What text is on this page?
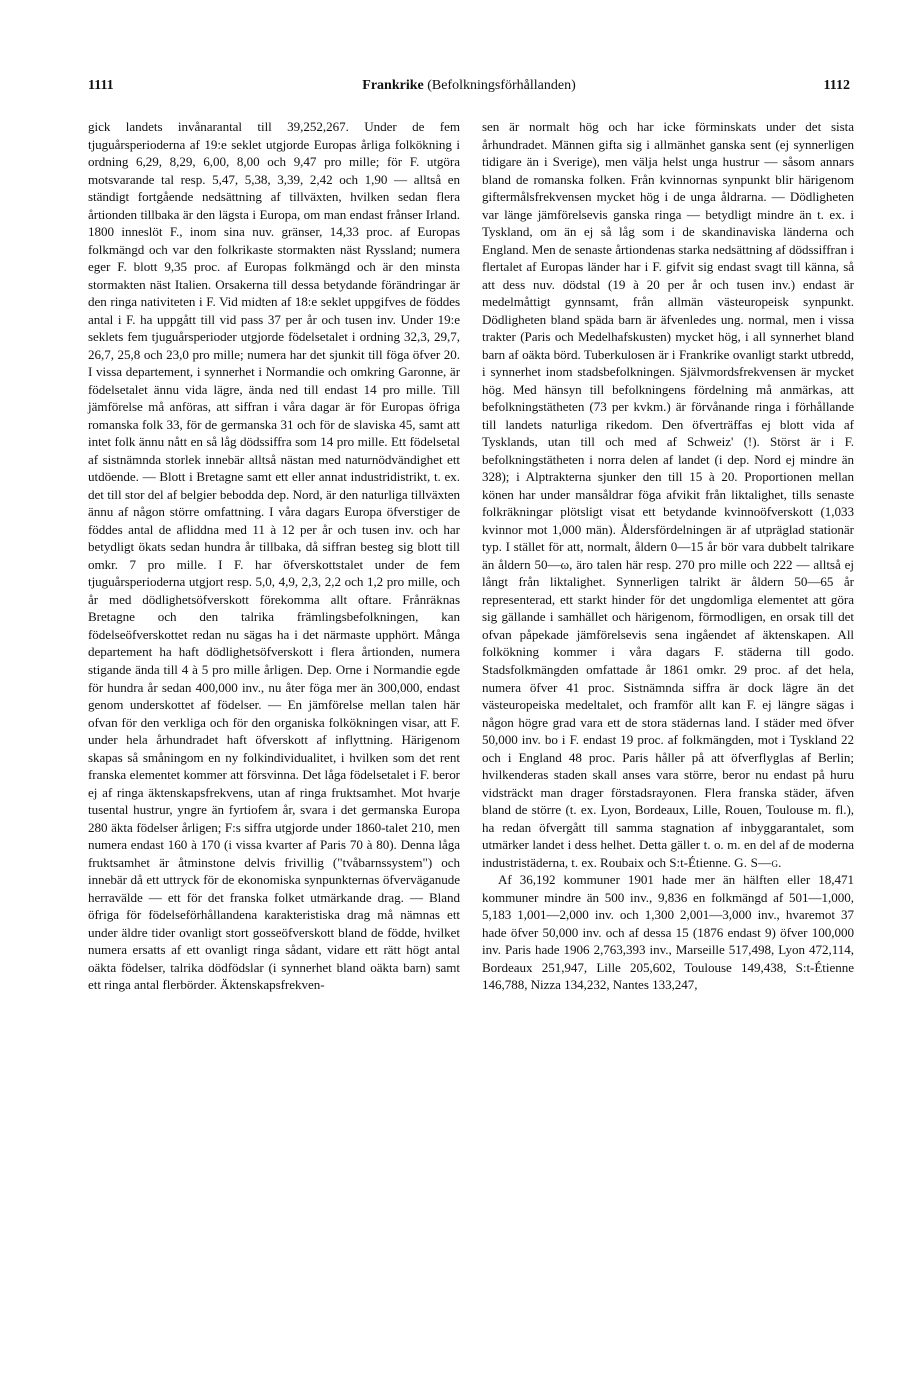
1111	Frankrike (Befolkningsförhållanden)	1112

gick landets invånarantal till 39,252,267. Under de fem tjuguårsperioderna af 19:e seklet utgjorde Europas årliga folkökning i ordning 6,29, 8,29, 6,00, 8,00 och 9,47 pro mille; för F. utgöra motsvarande tal resp. 5,47, 5,38, 3,39, 2,42 och 1,90 — alltså en ständigt fortgående nedsättning af tillväxten, hvilken sedan flera årtionden tillbaka är den lägsta i Europa, om man endast frånser Irland. 1800 inneslöt F., inom sina nuv. gränser, 14,33 proc. af Europas folkmängd och var den folkrikaste stormakten näst Ryssland; numera eger F. blott 9,35 proc. af Europas folkmängd och är den minsta stormakten näst Italien. Orsakerna till dessa betydande förändringar är den ringa nativiteten i F. Vid midten af 18:e seklet uppgifves de föddes antal i F. ha uppgått till vid pass 37 per år och tusen inv. Under 19:e seklets fem tjuguårsperioder utgjorde födelsetalet i ordning 32,3, 29,7, 26,7, 25,8 och 23,0 pro mille; numera har det sjunkit till föga öfver 20. I vissa departement, i synnerhet i Normandie och omkring Garonne, är födelsetalet ännu vida lägre, ända ned till endast 14 pro mille. Till jämförelse må anföras, att siffran i våra dagar är för Europas öfriga romanska folk 33, för de germanska 31 och för de slaviska 45, samt att intet folk ännu nått en så låg dödssiffra som 14 pro mille. Ett födelsetal af sistnämnda storlek innebär alltså nästan med naturnödvändighet ett utdöende. — Blott i Bretagne samt ett eller annat industridistrikt, t. ex. det till stor del af belgier bebodda dep. Nord, är den naturliga tillväxten ännu af någon större omfattning. I våra dagars Europa öfverstiger de föddes antal de afliddna med 11 à 12 per år och tusen inv. och har betydligt ökats sedan hundra år tillbaka, då siffran besteg sig blott till omkr. 7 pro mille. I F. har öfverskottstalet under de fem tjuguårsperioderna utgjort resp. 5,0, 4,9, 2,3, 2,2 och 1,2 pro mille, och år med dödlighetsöfverskott förekomma allt oftare. Frånräknas Bretagne och den talrika främlingsbefolkningen, kan födelseöfverskottet redan nu sägas ha i det närmaste upphört. Många departement ha haft dödlighetsöfverskott i flera årtionden, numera stigande ända till 4 à 5 pro mille årligen. Dep. Orne i Normandie egde för hundra år sedan 400,000 inv., nu åter föga mer än 300,000, endast genom underskottet af födelser. — En jämförelse mellan talen här ofvan för den verkliga och för den organiska folkökningen visar, att F. under hela århundradet haft öfverskott af inflyttning. Härigenom skapas så småningom en ny folkindividualitet, i hvilken som det rent franska elementet kommer att försvinna. Det låga födelsetalet i F. beror ej af ringa äktenskapsfrekvens, utan af ringa fruktsamhet. Mot hvarje tusental hustrur, yngre än fyrtiofem år, svara i det germanska Europa 280 äkta födelser årligen; F:s siffra utgjorde under 1860-talet 210, men numera endast 160 à 170 (i vissa kvarter af Paris 70 à 80). Denna låga fruktsamhet är åtminstone delvis frivillig ("tvåbarnssystem") och innebär då ett uttryck för de ekonomiska synpunkternas öfverväganude herravälde — ett för det franska folket utmärkande drag. — Bland öfriga för födelseförhållandena karakteristiska drag må nämnas ett under äldre tider ovanligt stort gosseöfverskott bland de födde, hvilket numera ersatts af ett ovanligt ringa sådant, vidare ett rätt högt antal oäkta födelser, talrika dödfödslar (i synnerhet bland oäkta barn) samt ett ringa antal flerbörder. Äktenskapsfrekven-

sen är normalt hög och har icke förminskats under det sista århundradet. Männen gifta sig i allmänhet ganska sent (ej synnerligen tidigare än i Sverige), men välja helst unga hustrur — såsom annars bland de romanska folken. Från kvinnornas synpunkt blir härigenom giftermålsfrekvensen mycket hög i de unga åldrarna. — Dödligheten var länge jämförelsevis ganska ringa — betydligt mindre än t. ex. i Tyskland, om än ej så låg som i de skandinaviska länderna och England. Men de senaste årtiondenas starka nedsättning af dödssiffran i flertalet af Europas länder har i F. gifvit sig endast svagt till känna, så att dess nuv. dödstal (19 à 20 per år och tusen inv.) endast är medelmåttigt gynnsamt, från allmän västeuropeisk synpunkt. Dödligheten bland späda barn är äfvenledes ung. normal, men i vissa trakter (Paris och Medelhafskusten) mycket hög, i all synnerhet bland barn af oäkta börd. Tuberkulosen är i Frankrike ovanligt starkt utbredd, i synnerhet inom stadsbefolkningen. Självmordsfrekvensen är mycket hög. Med hänsyn till befolkningens fördelning må anmärkas, att befolkningstätheten (73 per kvkm.) är förvånande ringa i förhållande till landets naturliga rikedom. Den öfverträffas ej blott vida af Tysklands, utan till och med af Schweiz' (!). Störst är i F. befolkningstätheten i norra delen af landet (i dep. Nord ej mindre än 328); i Alptrakterna sjunker den till 15 à 20. Proportionen mellan könen har under mansåldrar föga afvikit från liktalighet, tills senaste folkräkningar plötsligt visat ett betydande kvinnoöfverskott (1,033 kvinnor mot 1,000 män). Åldersfördelningen är af utpräglad stationär typ. I stället för att, normalt, åldern 0—15 år bör vara dubbelt talrikare än åldern 50—ω, äro talen här resp. 270 pro mille och 222 — alltså ej långt från liktalighet. Synnerligen talrikt är åldern 50—65 år representerad, ett starkt hinder för det ungdomliga elementet att göra sig gällande i samhället och härigenom, förmodligen, en orsak till det ofvan påpekade jämförelsevis sena ingåendet af äktenskapen. All folkökning kommer i våra dagars F. städerna till godo. Stadsfolkmängden omfattade år 1861 omkr. 29 proc. af det hela, numera öfver 41 proc. Sistnämnda siffra är dock lägre än det västeuropeiska medeltalet, och framför allt kan F. ej längre sägas i någon högre grad vara ett de stora städernas land. I städer med öfver 50,000 inv. bo i F. endast 19 proc. af folkmängden, mot i Tyskland 22 och i England 48 proc. Paris håller på att öfverflyglas af Berlin; hvilkenderas staden skall anses vara större, beror nu endast på huru vidsträckt man drager förstadsrayonen. Flera franska städer, äfven bland de större (t. ex. Lyon, Bordeaux, Lille, Rouen, Toulouse m. fl.), ha redan öfvergått till samma stagnation af inbyggarantalet, som utmärker landet i dess helhet. Detta gäller t. o. m. en del af de moderna industristäderna, t. ex. Roubaix och S:t-Étienne. G. S—g.

Af 36,192 kommuner 1901 hade mer än hälften eller 18,471 kommuner mindre än 500 inv., 9,836 en folkmängd af 501—1,000, 5,183 1,001—2,000 inv. och 1,300 2,001—3,000 inv., hvaremot 37 hade öfver 50,000 inv. och af dessa 15 (1876 endast 9) öfver 100,000 inv. Paris hade 1906 2,763,393 inv., Marseille 517,498, Lyon 472,114, Bordeaux 251,947, Lille 205,602, Toulouse 149,438, S:t-Étienne 146,788, Nizza 134,232, Nantes 133,247,
